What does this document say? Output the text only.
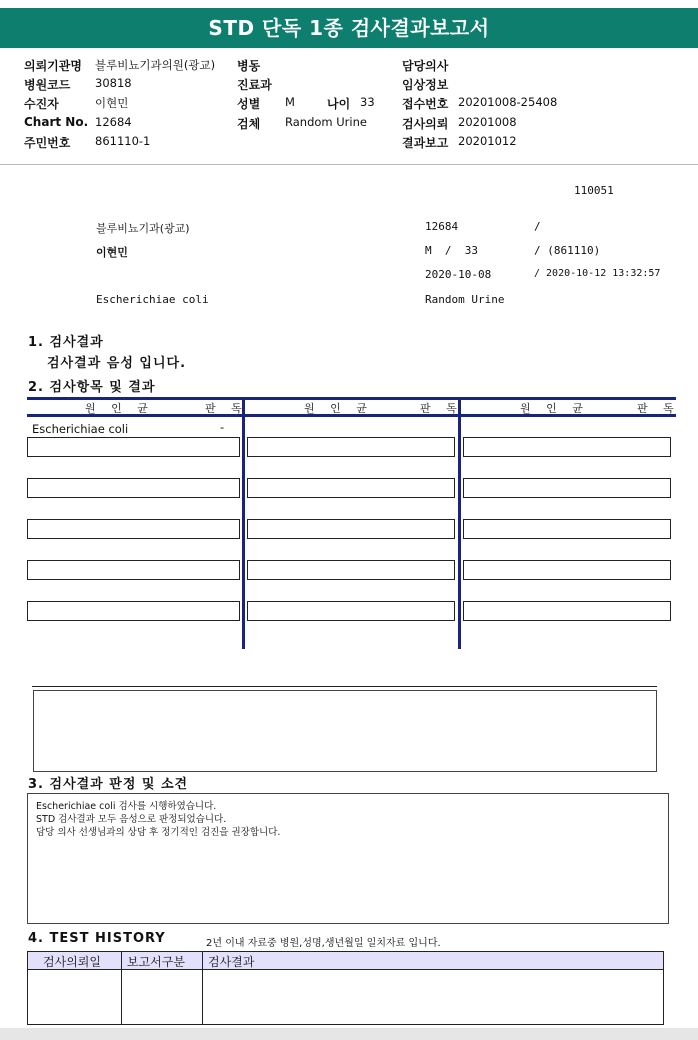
STD 단독 1종 검사결과보고서
의뢰기관명 블루비뇨기과의원(광교)
병원코드 30818
수진자	이현민
Chart No. 12684
주민번호 861110-1
병동
진료과
성별 M	나이 33
검체 Random Urine
담당의사
임상정보
접수번호 20201008-25408
검사의뢰 20201008
결과보고 20201012
110051
블루비뇨기과(광교)	12684	/
이현민	M  /  33	/ (861110)
2020-10-08	/ 2020-10-12 13:32:57
Escherichiae coli	Random Urine
1. 검사결과
검사결과 음성 입니다.
2. 검사항목 및 결과
원 인 균	판 독	원 인 균	판 독	원 인 균	판 독
Escherichiae coli	-
3. 검사결과 판정 및 소견
Escherichiae coli 검사를 시행하였습니다.
STD 검사결과 모두 음성으로 판정되었습니다.
담당 의사 선생님과의 상담 후 정기적인 검진을 권장합니다.
4. TEST HISTORY	2년 이내 자료중 병원,성명,생년월일 일치자료 입니다.
검사의뢰일 보고서구분 검사결과
